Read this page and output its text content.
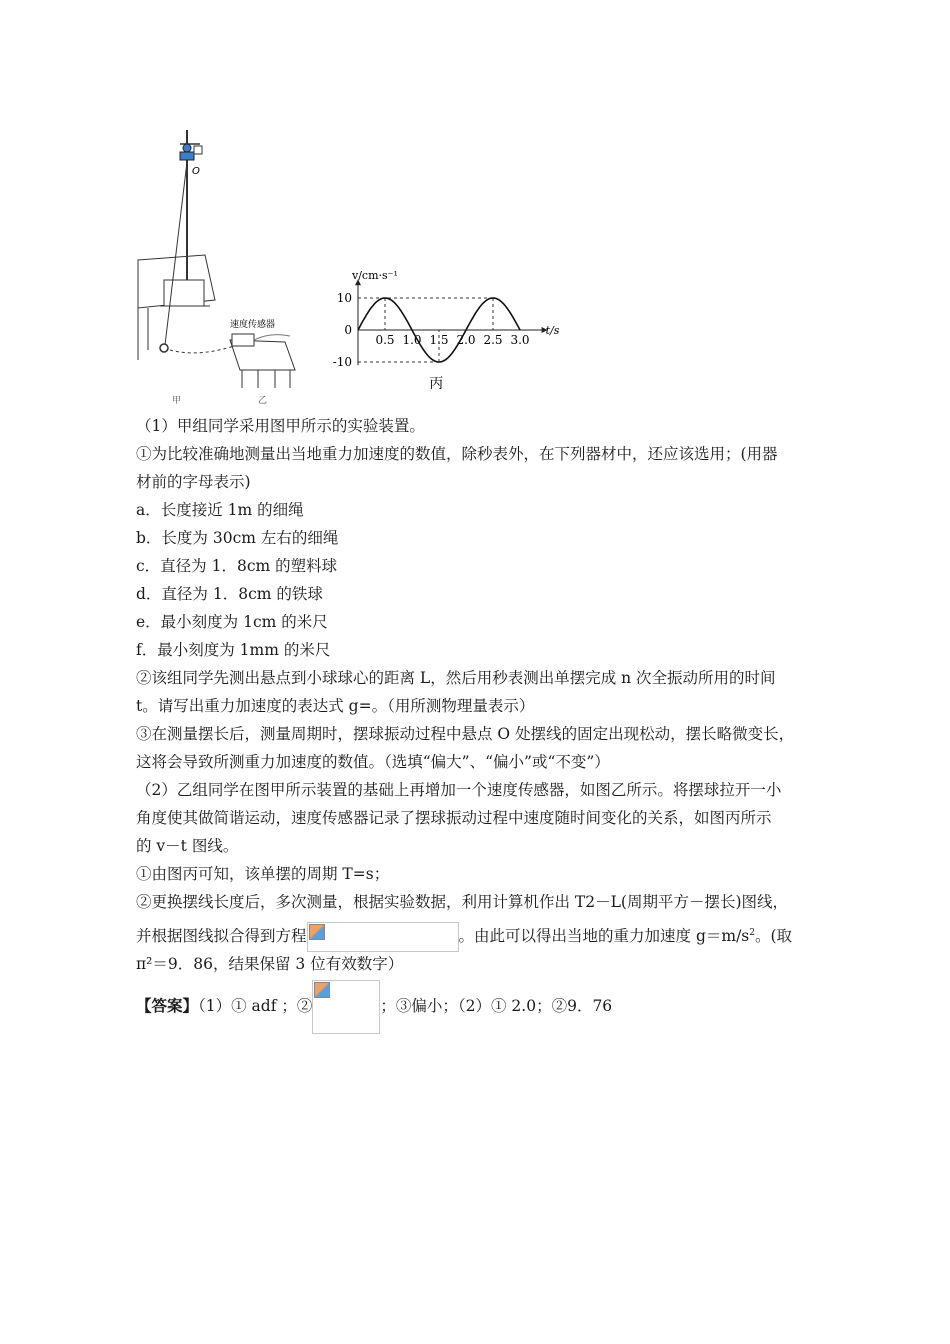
O
甲
速度传感器
乙
v/cm·s⁻¹
t/s
10
0
-10
0.5 1.0 1.5 2.0 2.5 3.0
丙
（1）甲组同学采用图甲所示的实验装置。
①为比较准确地测量出当地重力加速度的数值，除秒表外，在下列器材中，还应该选用；(用器
材前的字母表示)
a．长度接近 1m 的细绳
b．长度为 30cm 左右的细绳
c．直径为 1．8cm 的塑料球
d．直径为 1．8cm 的铁球
e．最小刻度为 1cm 的米尺
f．最小刻度为 1mm 的米尺
②该组同学先测出悬点到小球球心的距离 L，然后用秒表测出单摆完成 n 次全振动所用的时间
t。请写出重力加速度的表达式 g=。（用所测物理量表示）
③在测量摆长后，测量周期时，摆球振动过程中悬点 O 处摆线的固定出现松动，摆长略微变长，
这将会导致所测重力加速度的数值。（选填“偏大”、“偏小”或“不变”）
（2）乙组同学在图甲所示装置的基础上再增加一个速度传感器，如图乙所示。将摆球拉开一小
角度使其做简谐运动，速度传感器记录了摆球振动过程中速度随时间变化的关系，如图丙所示
的 v－t 图线。
①由图丙可知，该单摆的周期 T=s；
②更换摆线长度后，多次测量，根据实验数据，利用计算机作出 T2－L(周期平方－摆长)图线，
并根据图线拟合得到方程	。由此可以得出当地的重力加速度 $g=m/s^2$。(取
π²＝9．86，结果保留 3 位有效数字）
【答案】（1）① adf ；②	；③偏小；（2）① 2.0；②9．76
